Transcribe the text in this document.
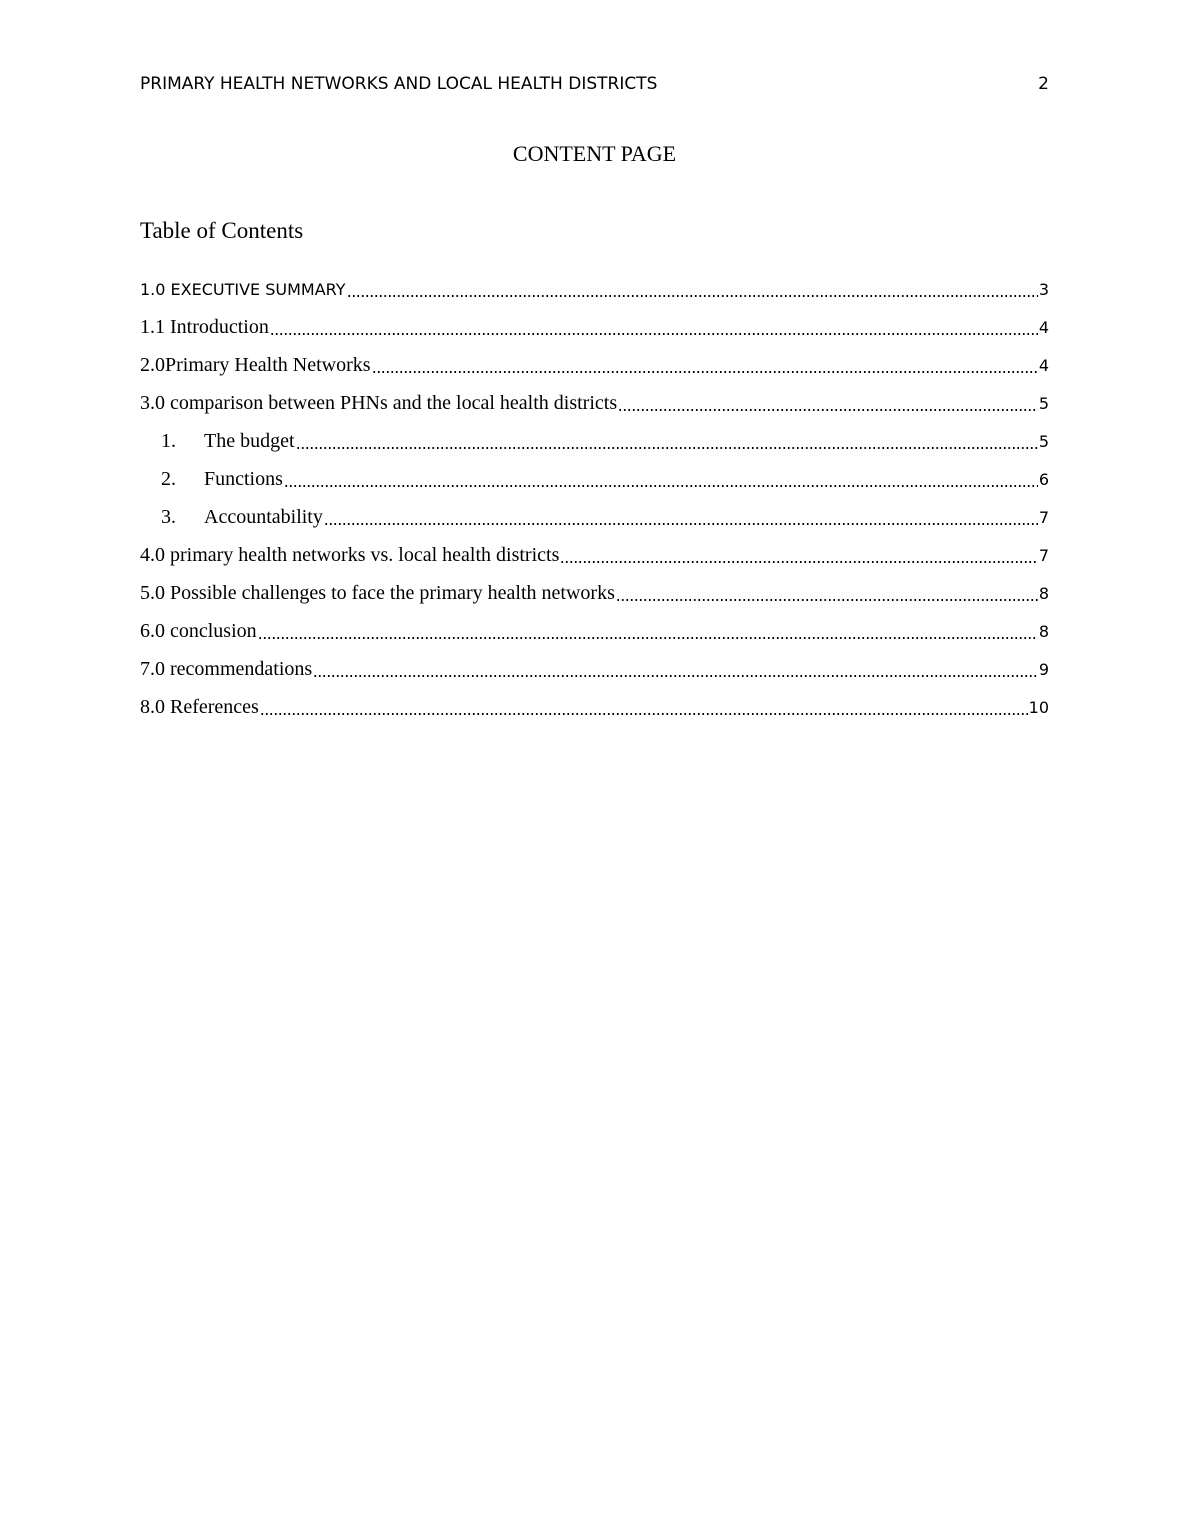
PRIMARY HEALTH NETWORKS AND LOCAL HEALTH DISTRICTS	2
CONTENT PAGE
Table of Contents
1.0 EXECUTIVE SUMMARY	3
1.1 Introduction	4
2.0Primary Health Networks	4
3.0 comparison between PHNs and the local health districts	5
1.	The budget	5
2.	Functions	6
3.	Accountability	7
4.0 primary health networks vs. local health districts	7
5.0 Possible challenges to face the primary health networks	8
6.0 conclusion	8
7.0 recommendations	9
8.0 References	10
